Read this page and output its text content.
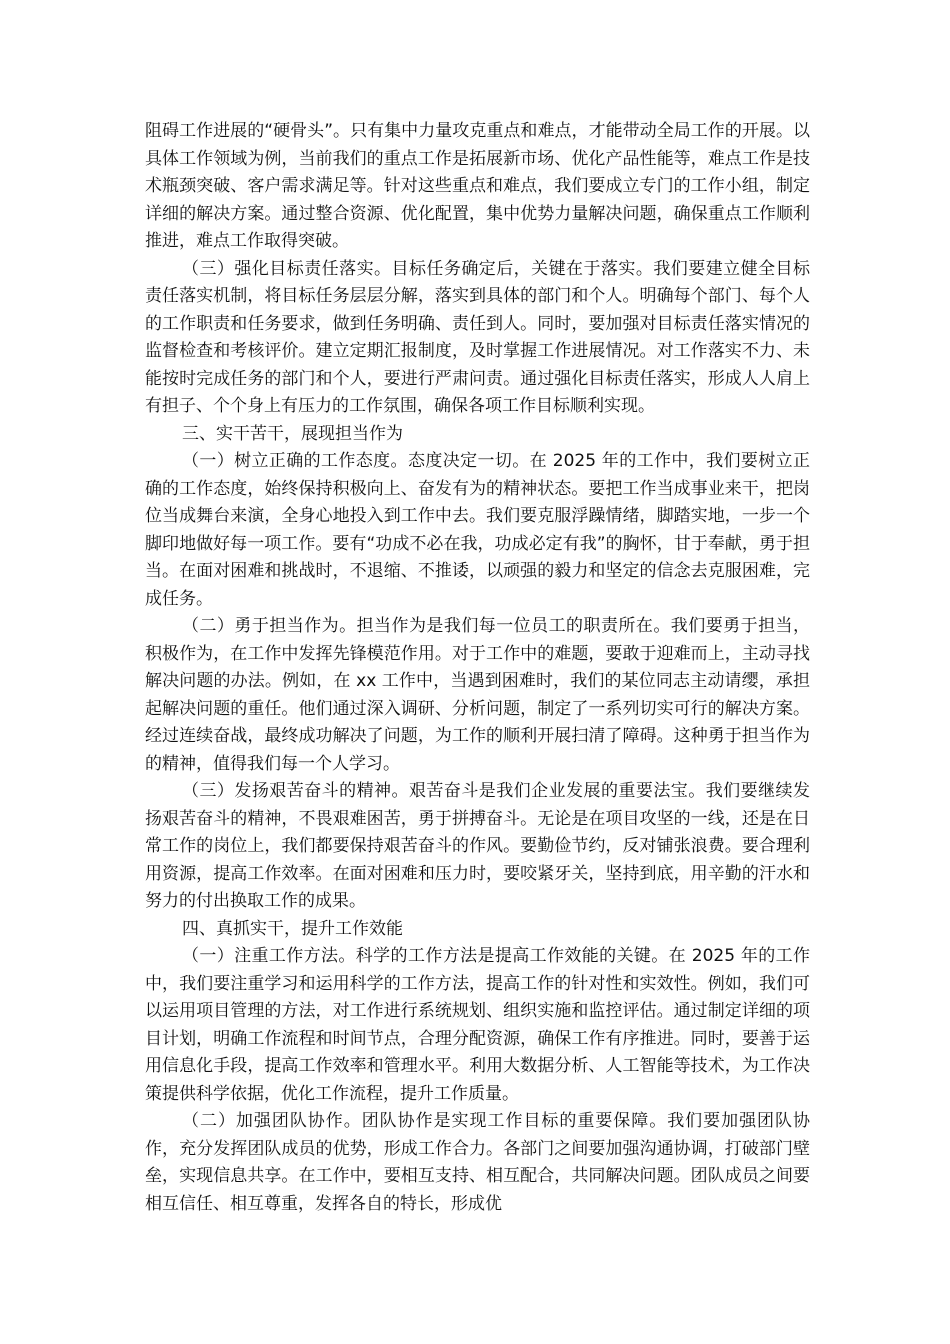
阻碍工作进展的“硬骨头”。只有集中力量攻克重点和难点，才能带动全局工作的开展。以具体工作领域为例，当前我们的重点工作是拓展新市场、优化产品性能等，难点工作是技术瓶颈突破、客户需求满足等。针对这些重点和难点，我们要成立专门的工作小组，制定详细的解决方案。通过整合资源、优化配置，集中优势力量解决问题，确保重点工作顺利推进，难点工作取得突破。

（三）强化目标责任落实。目标任务确定后，关键在于落实。我们要建立健全目标责任落实机制，将目标任务层层分解，落实到具体的部门和个人。明确每个部门、每个人的工作职责和任务要求，做到任务明确、责任到人。同时，要加强对目标责任落实情况的监督检查和考核评价。建立定期汇报制度，及时掌握工作进展情况。对工作落实不力、未能按时完成任务的部门和个人，要进行严肃问责。通过强化目标责任落实，形成人人肩上有担子、个个身上有压力的工作氛围，确保各项工作目标顺利实现。

三、实干苦干，展现担当作为

（一）树立正确的工作态度。态度决定一切。在 2025 年的工作中，我们要树立正确的工作态度，始终保持积极向上、奋发有为的精神状态。要把工作当成事业来干，把岗位当成舞台来演，全身心地投入到工作中去。我们要克服浮躁情绪，脚踏实地，一步一个脚印地做好每一项工作。要有“功成不必在我，功成必定有我”的胸怀，甘于奉献，勇于担当。在面对困难和挑战时，不退缩、不推诿，以顽强的毅力和坚定的信念去克服困难，完成任务。

（二）勇于担当作为。担当作为是我们每一位员工的职责所在。我们要勇于担当，积极作为，在工作中发挥先锋模范作用。对于工作中的难题，要敢于迎难而上，主动寻找解决问题的办法。例如，在 xx 工作中，当遇到困难时，我们的某位同志主动请缨，承担起解决问题的重任。他们通过深入调研、分析问题，制定了一系列切实可行的解决方案。经过连续奋战，最终成功解决了问题，为工作的顺利开展扫清了障碍。这种勇于担当作为的精神，值得我们每一个人学习。

（三）发扬艰苦奋斗的精神。艰苦奋斗是我们企业发展的重要法宝。我们要继续发扬艰苦奋斗的精神，不畏艰难困苦，勇于拼搏奋斗。无论是在项目攻坚的一线，还是在日常工作的岗位上，我们都要保持艰苦奋斗的作风。要勤俭节约，反对铺张浪费。要合理利用资源，提高工作效率。在面对困难和压力时，要咬紧牙关，坚持到底，用辛勤的汗水和努力的付出换取工作的成果。

四、真抓实干，提升工作效能

（一）注重工作方法。科学的工作方法是提高工作效能的关键。在 2025 年的工作中，我们要注重学习和运用科学的工作方法，提高工作的针对性和实效性。例如，我们可以运用项目管理的方法，对工作进行系统规划、组织实施和监控评估。通过制定详细的项目计划，明确工作流程和时间节点，合理分配资源，确保工作有序推进。同时，要善于运用信息化手段，提高工作效率和管理水平。利用大数据分析、人工智能等技术，为工作决策提供科学依据，优化工作流程，提升工作质量。

（二）加强团队协作。团队协作是实现工作目标的重要保障。我们要加强团队协作，充分发挥团队成员的优势，形成工作合力。各部门之间要加强沟通协调，打破部门壁垒，实现信息共享。在工作中，要相互支持、相互配合，共同解决问题。团队成员之间要相互信任、相互尊重，发挥各自的特长，形成优
